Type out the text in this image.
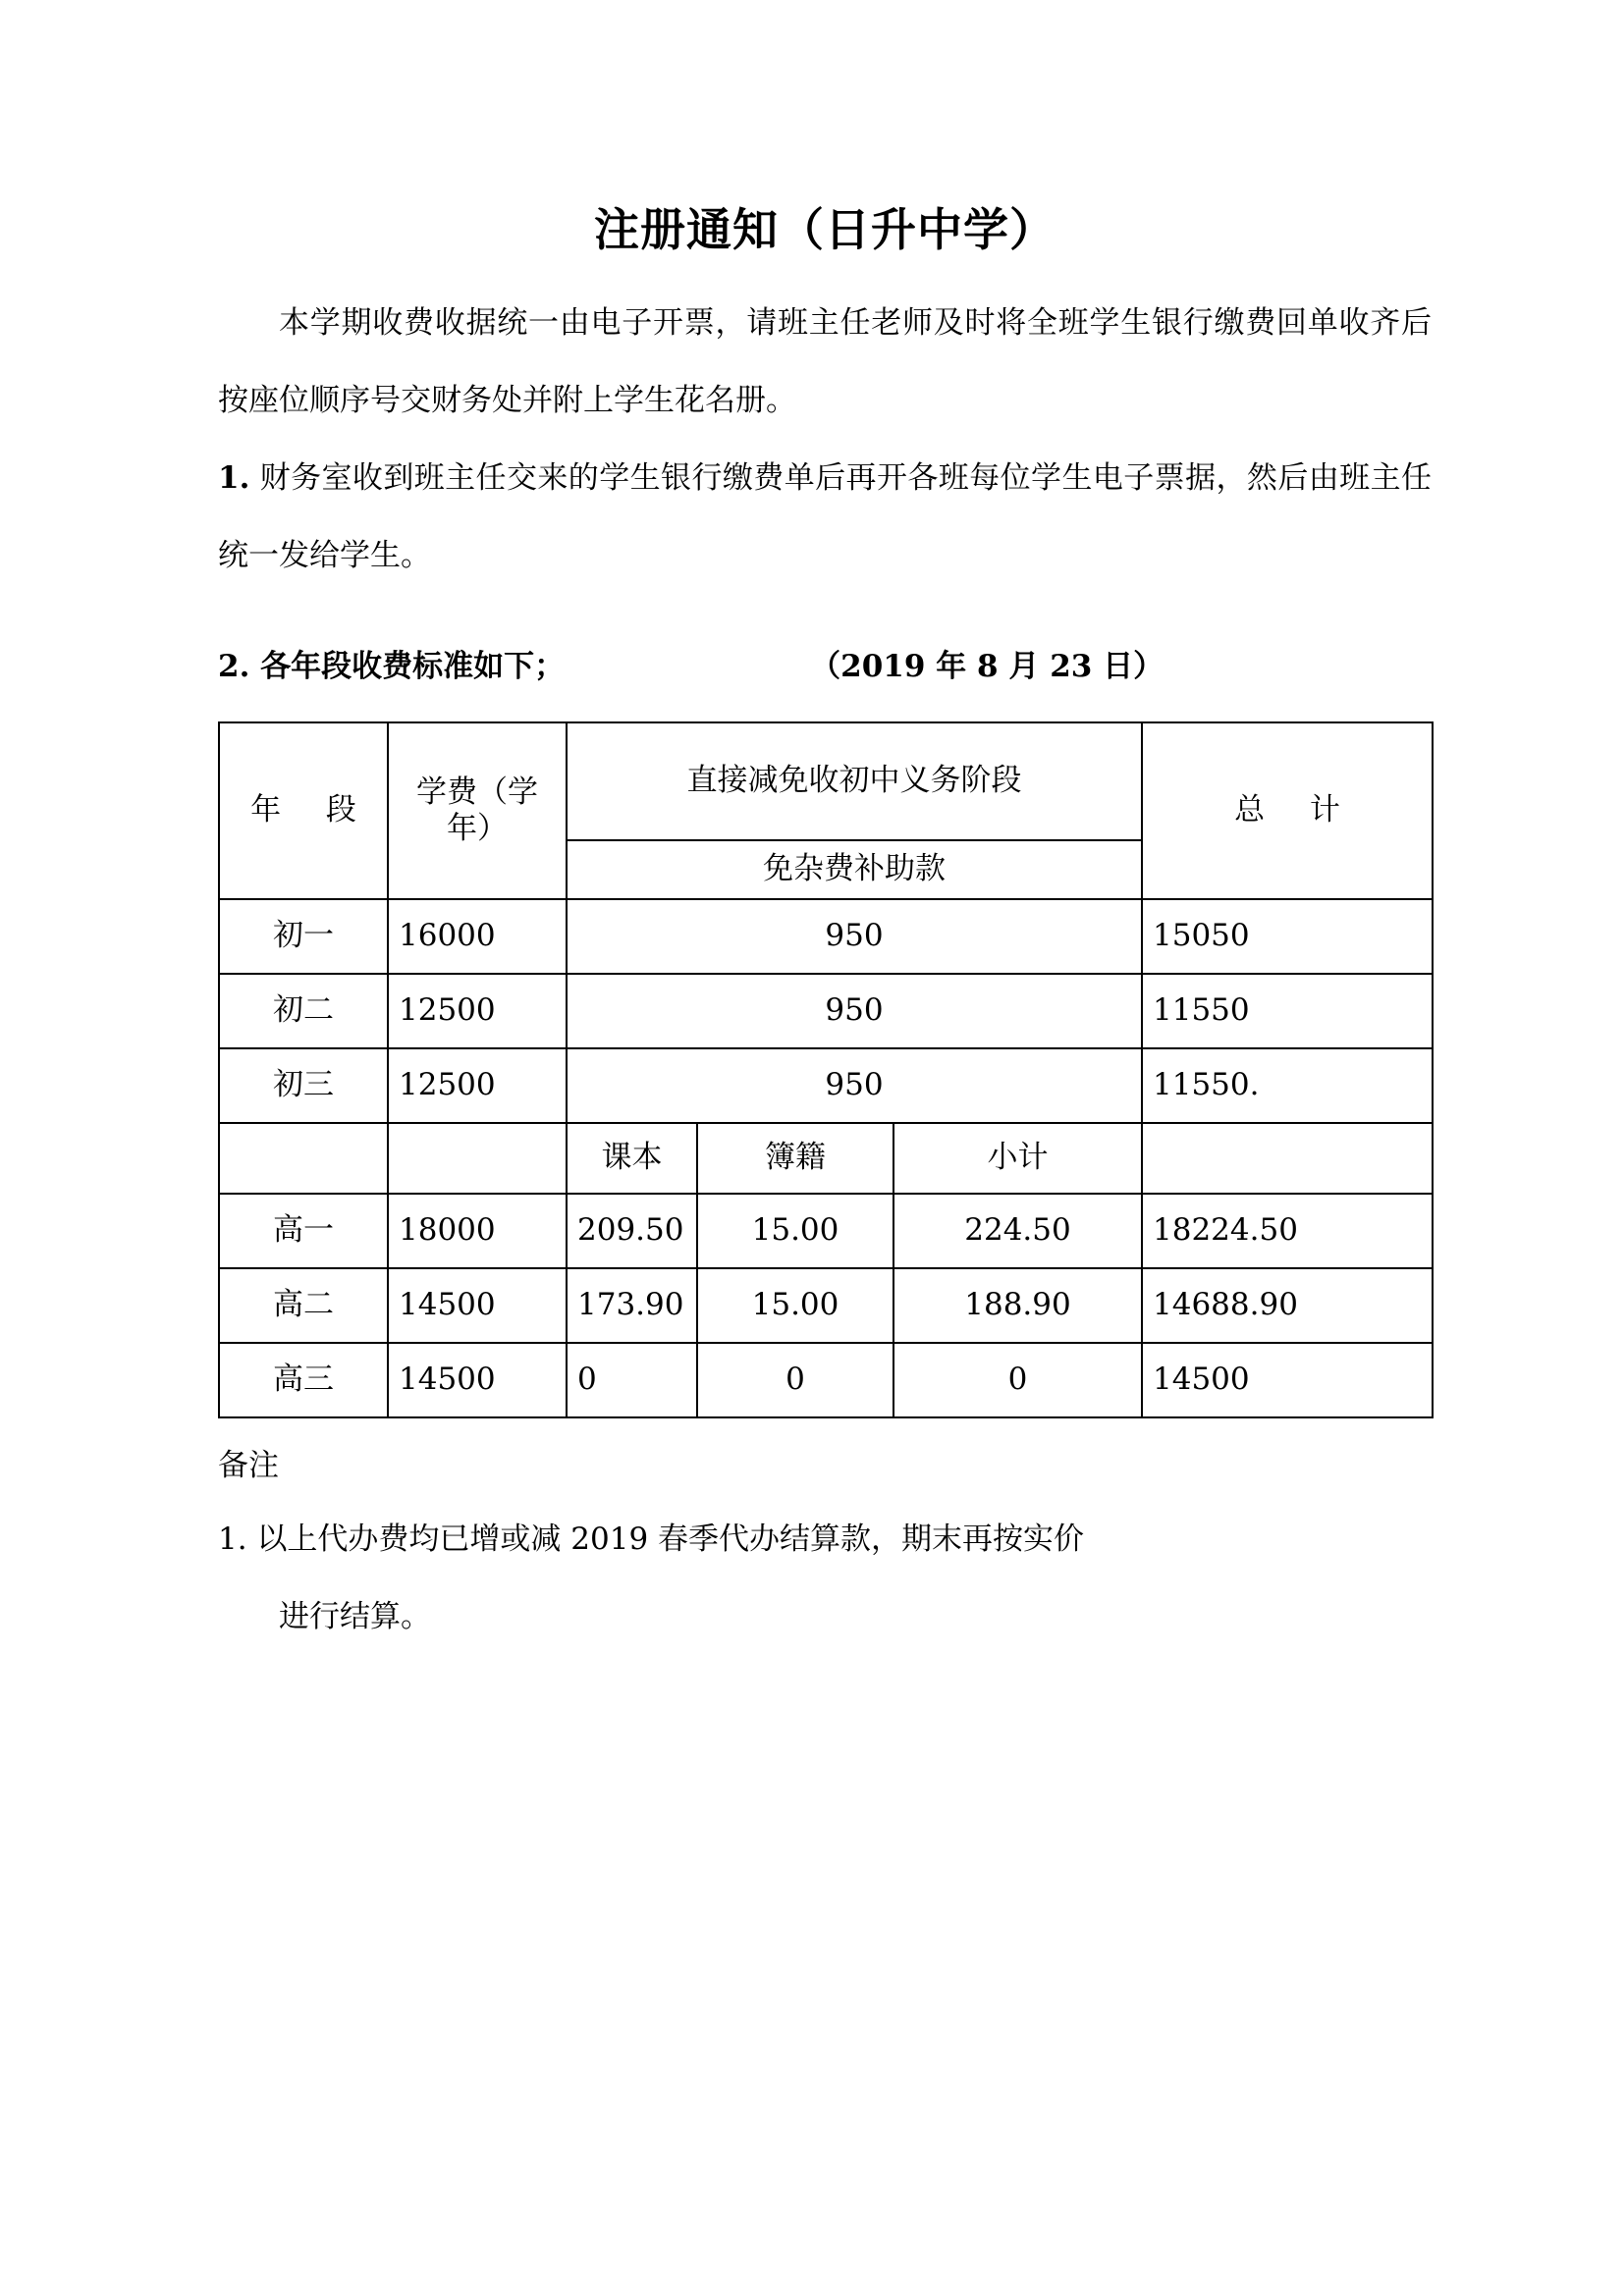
注册通知（日升中学）

本学期收费收据统一由电子开票，请班主任老师及时将全班学生银行缴费回单收齐后按座位顺序号交财务处并附上学生花名册。

1. 财务室收到班主任交来的学生银行缴费单后再开各班每位学生电子票据，然后由班主任统一发给学生。

2. 各年段收费标准如下；	（2019 年 8 月 23 日）
年 段	学费（学年）	直接减免收初中义务阶段			总 计
		免杂费补助款			
初一	16000	950			15050
初二	12500	950			11550
初三	12500	950			11550.
		课本	簿籍	小计	
高一	18000	209.50	15.00	224.50	18224.50
高二	14500	173.90	15.00	188.90	14688.90
高三	14500	0	0	0	14500

备注

1. 以上代办费均已增或减 2019 春季代办结算款，期末再按实价

进行结算。
